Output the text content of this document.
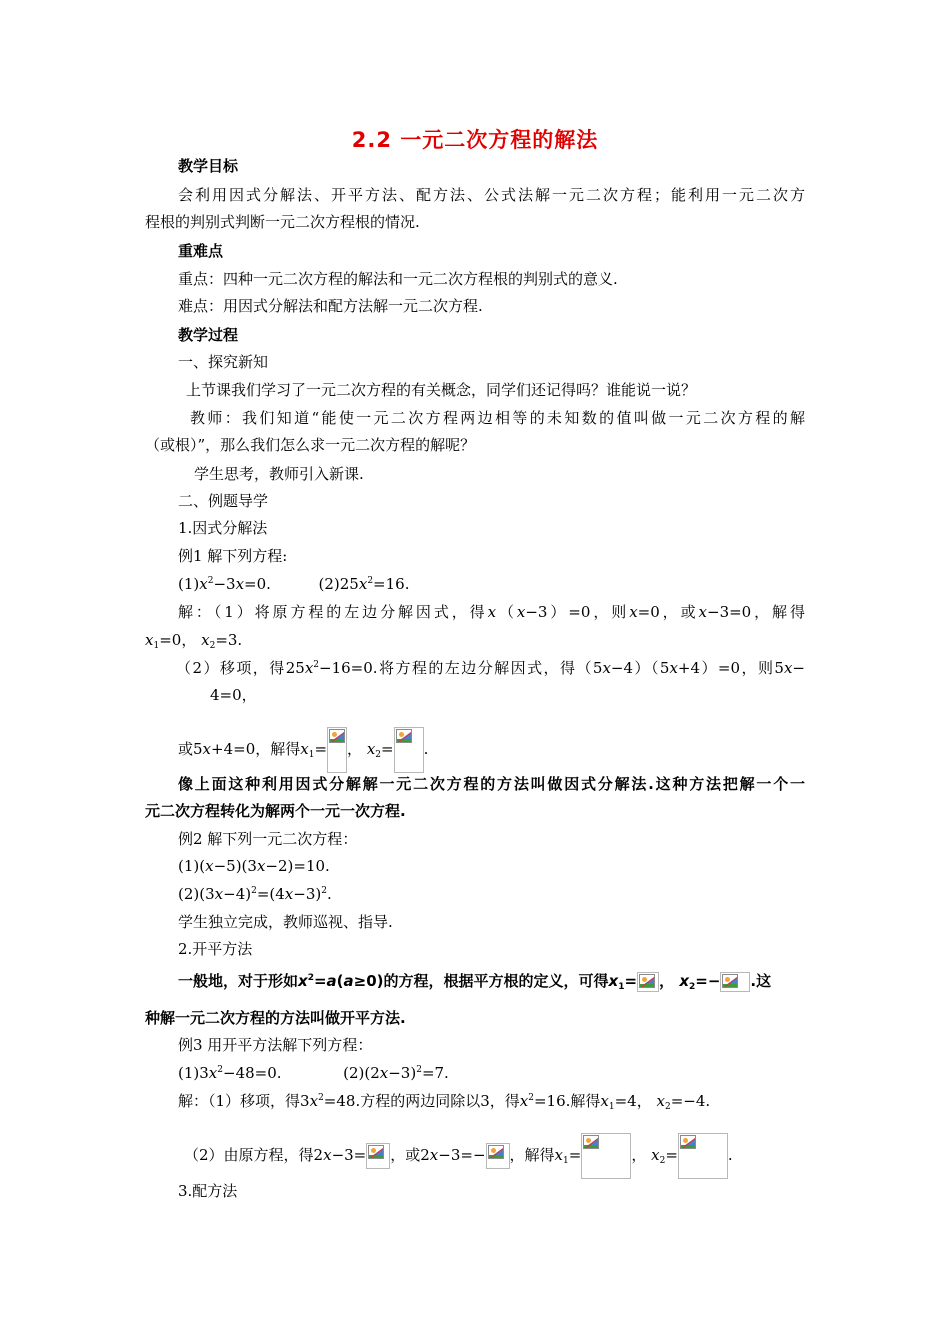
2.2 一元二次方程的解法
教学目标
会利用因式分解法、开平方法、配方法、公式法解一元二次方程；能利用一元二次方
程根的判别式判断一元二次方程根的情况.
重难点
重点：四种一元二次方程的解法和一元二次方程根的判别式的意义.
难点：用因式分解法和配方法解一元二次方程.
教学过程
一、探究新知
上节课我们学习了一元二次方程的有关概念，同学们还记得吗？谁能说一说？
教师：我们知道“能使一元二次方程两边相等的未知数的值叫做一元二次方程的解
（或根）”，那么我们怎么求一元二次方程的解呢？
学生思考，教师引入新课.
二、例题导学
1.因式分解法
例1 解下列方程:
$(1)x^2-3x=0$.	$(2)25x^2=16$.
解：（1）将原方程的左边分解因式，得x（x−3）=0，则x=0，或x−3=0，解得
$x_1=0$， $x_2=3$.
（2）移项，得$25x^2-16=0$.将方程的左边分解因式，得（5x−4）（5x+4）=0，则5x−
4=0，
或5x+4=0，解得$x_1=$ ， $x_2=$ .
像上面这种利用因式分解解一元二次方程的方法叫做因式分解法.这种方法把解一个一
元二次方程转化为解两个一元一次方程.
例2 解下列一元二次方程：
(1)(x−5)(3x−2)=10.
$(2)(3x-4)^2=(4x-3)^2$.
学生独立完成，教师巡视、指导.
2.开平方法
一般地，对于形如$x^2=a(a\ge 0)$的方程，根据平方根的定义，可得$x_1=$ ， $x_2=-$ .这
种解一元二次方程的方法叫做开平方法.
例3 用开平方法解下列方程：
$(1)3x^2-48=0$.	$(2)(2x-3)^2=7$.
解：（1）移项，得$3x^2=48$.方程的两边同除以3，得$x^2=16$.解得$x_1=4$， $x_2=-4$.
（2）由原方程，得2x−3= ，或2x−3=− ，解得$x_1=$	， $x_2=$	.
3.配方法
